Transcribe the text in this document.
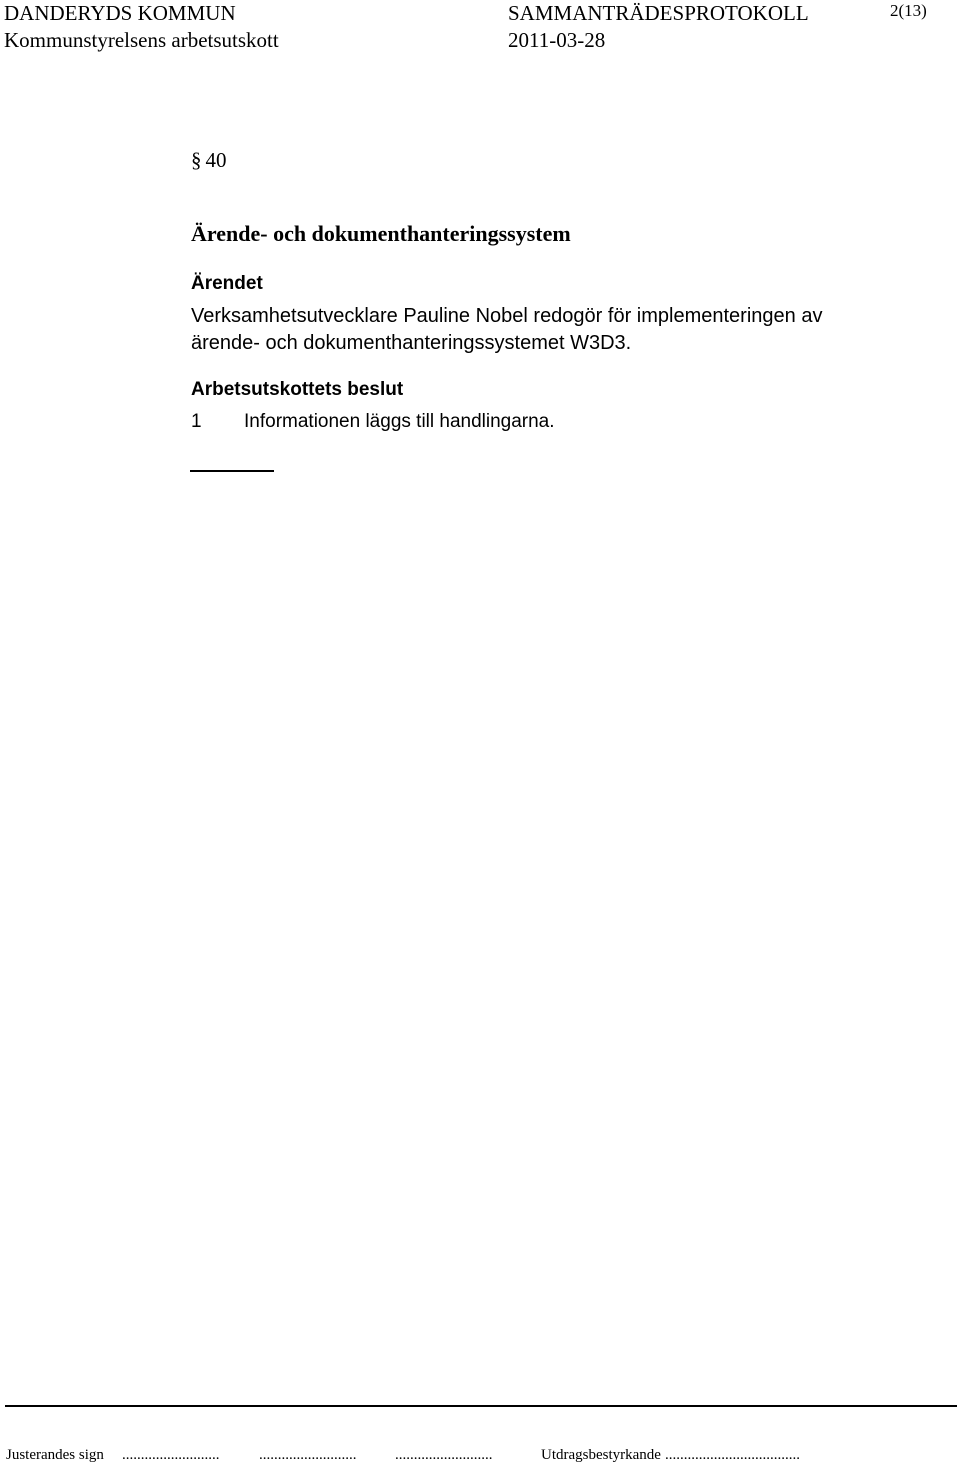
DANDERYDS KOMMUN
Kommunstyrelsens arbetsutskott
SAMMANTRÄDESPROTOKOLL
2011-03-28
2(13)
§ 40
Ärende- och dokumenthanteringssystem
Ärendet
Verksamhetsutvecklare Pauline Nobel redogör för implementeringen av
ärende- och dokumenthanteringssystemet W3D3.
Arbetsutskottets beslut
1 Informationen läggs till handlingarna.
Justerandes sign ..........................	..........................	..........................	Utdragsbestyrkande ....................................
